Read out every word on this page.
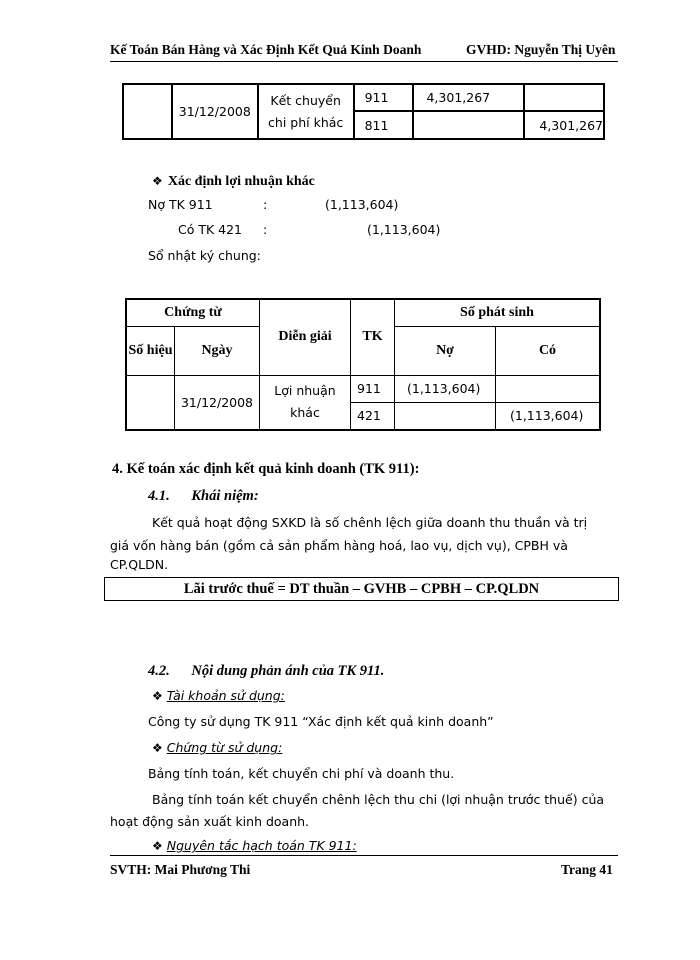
Kế Toán Bán Hàng và Xác Định Kết Quả Kinh Doanh	GVHD: Nguyễn Thị Uyên
	31/12/2008	Kết chuyển
chi phí khác	911	4,301,267	
			811		4,301,267
❖ Xác định lợi nhuận khác
Nợ TK 911	:	(1,113,604)
Có TK 421 :	(1,113,604)
Sổ nhật ký chung:
Chứng từ		Diễn giải	TK	Số phát sinh	
Số hiệu	Ngày			Nợ	Có
	31/12/2008	Lợi nhuận
khác	911	(1,113,604)	
			421		(1,113,604)
4. Kế toán xác định kết quả kinh doanh (TK 911):
4.1. Khái niệm:
Kết quả hoạt động SXKD là số chênh lệch giữa doanh thu thuần và trị
giá vốn hàng bán (gồm cả sản phẩm hàng hoá, lao vụ, dịch vụ), CPBH và
CP.QLDN.
Lãi trước thuế = DT thuần – GVHB – CPBH – CP.QLDN
4.2. Nội dung phản ánh của TK 911.
❖ Tài khoản sử dụng:
Công ty sử dụng TK 911 “Xác định kết quả kinh doanh”
❖ Chứng từ sử dụng:
Bảng tính toán, kết chuyển chi phí và doanh thu.
Bảng tính toán kết chuyển chênh lệch thu chi (lợi nhuận trước thuế) của
hoạt động sản xuất kinh doanh.
❖ Nguyên tắc hạch toán TK 911:
SVTH: Mai Phương Thi	Trang 41
